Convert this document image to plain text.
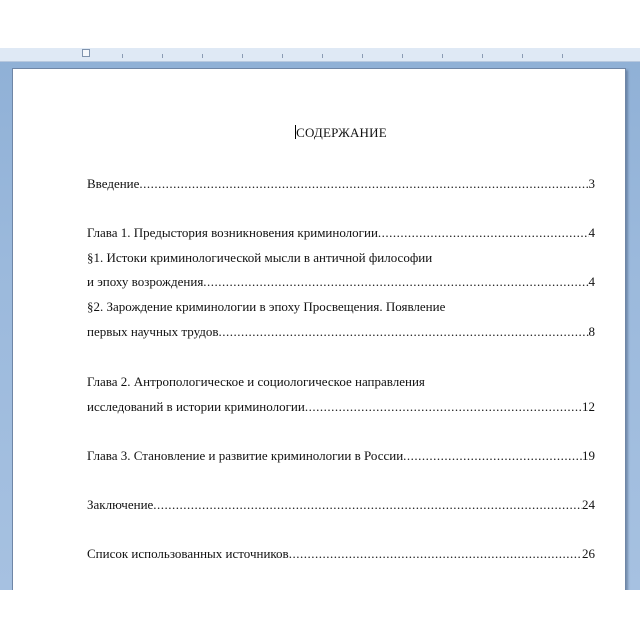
СОДЕРЖАНИЕ
Введение .....	3
Глава 1. Предыстория возникновения криминологии .....	4
§1. Истоки криминологической мысли в античной философии
и эпоху возрождения .....	4
§2. Зарождение криминологии в эпоху Просвещения. Появление
первых научных трудов .....	8
Глава 2. Антропологическое и социологическое направления
исследований в истории криминологии .....	12
Глава 3. Становление и развитие криминологии в России .....	19
Заключение .....	24
Список использованных источников .....	26
